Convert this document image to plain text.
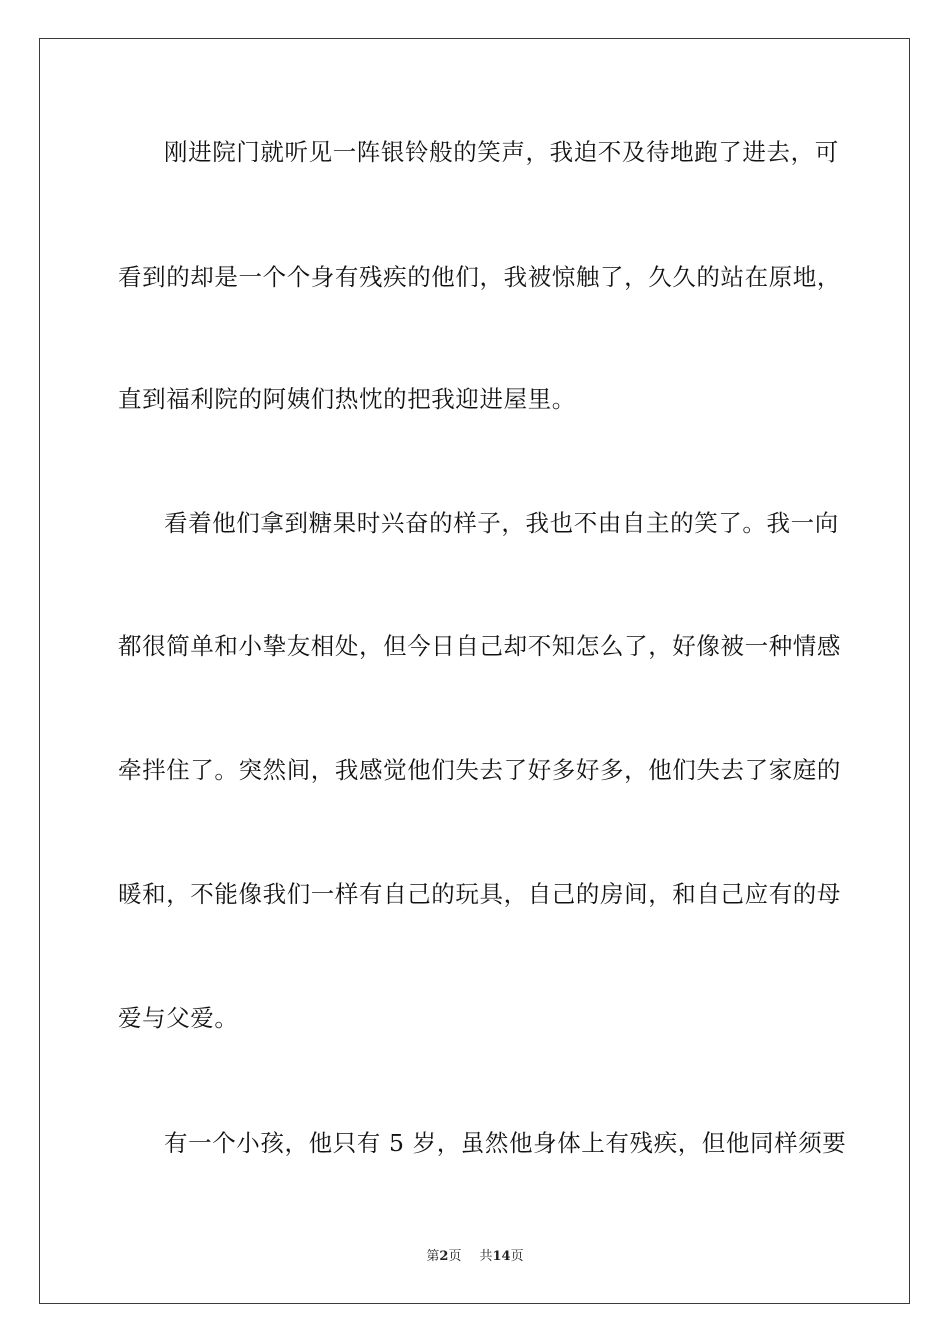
刚进院门就听见一阵银铃般的笑声，我迫不及待地跑了进去，可
看到的却是一个个身有残疾的他们，我被惊触了，久久的站在原地，
直到福利院的阿姨们热忱的把我迎进屋里。
看着他们拿到糖果时兴奋的样子，我也不由自主的笑了。我一向
都很简单和小挚友相处，但今日自己却不知怎么了，好像被一种情感
牵拌住了。突然间，我感觉他们失去了好多好多，他们失去了家庭的
暖和，不能像我们一样有自己的玩具，自己的房间，和自己应有的母
爱与父爱。
有一个小孩，他只有 5 岁，虽然他身体上有残疾，但他同样须要
第2页 共14页
